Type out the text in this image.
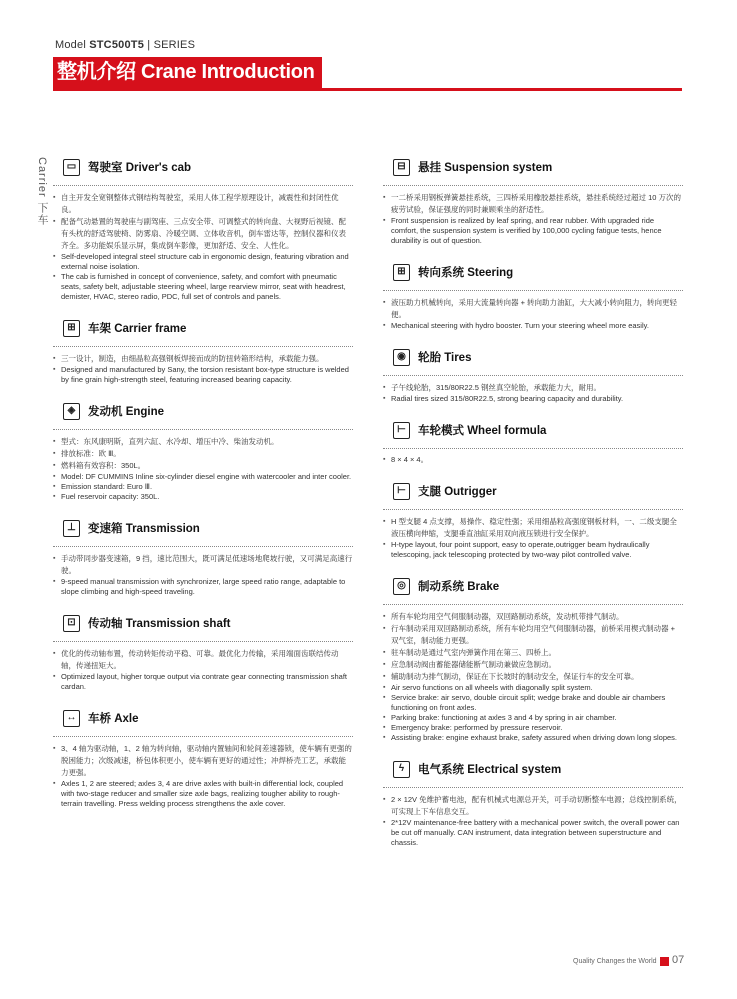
Model STC500T5 | SERIES
整机介绍 Crane Introduction
Carrier 下车	▭	驾驶室 Driver's cab
▪ 自主开发全宽钢整体式钢结构驾驶室，采用人体工程学原理设计，减震性和封闭性优良。
▪ 配备气动悬置的驾驶座与副驾座、三点安全带、可调整式的转向盘、大视野后视镜、配有头枕的舒适驾驶椅、防雾扇、冷暖空调、立体收音机，倒车雷达等，控制仪器和仪表齐全。多功能娱乐显示屏，集成倒车影像，更加舒适、安全、人性化。
▪ Self-developed integral steel structure cab in ergonomic design, featuring vibration and external noise isolation.
▪ The cab is furnished in concept of convenience, safety, and comfort with pneumatic seats, safety belt, adjustable steering wheel, large rearview mirror, seat with headrest, demister, HVAC, stereo radio, PDC, full set of controls and panels.
⊞	车架 Carrier frame
▪ 三一设计，制造，由细晶粒高强钢板焊接而成的防扭转箱形结构，承载能力强。
▪ Designed and manufactured by Sany, the torsion resistant box-type structure is welded by fine grain high-strength steel, featuring increased bearing capacity.
◈	发动机 Engine
▪ 型式：东风康明斯，直列六缸、水冷却、增压中冷、柴油发动机。
▪ 排放标准：欧 Ⅲ。
▪ 燃料箱有效容积：350L。
▪ Model: DF CUMMINS Inline six-cylinder diesel engine with watercooler and inter cooler.
▪ Emission standard: Euro Ⅲ.
▪ Fuel reservoir capacity: 350L.
⊥	变速箱 Transmission
▪ 手动带同步器变速箱，9 挡，速比范围大，既可满足低速场地爬坡行驶，又可满足高速行驶。
▪ 9-speed manual transmission with synchronizer, large speed ratio range, adaptable to slope climbing and high-speed traveling.
⊡	传动轴 Transmission shaft
▪ 优化的传动轴布置，传动转矩传动平稳、可靠。最优化力传输，采用端面齿联结传动轴，传递扭矩大。
▪ Optimized layout, higher torque output via contrate gear connecting transmission shaft cardan.
↔	车桥 Axle
▪ 3、4 轴为驱动轴，1、2 轴为转向轴，驱动轴内置轴间和轮间差速器锁，使车辆有更强的脱困能力；次级减速，桥包体积更小，使车辆有更好的通过性；冲焊桥壳工艺，承载能力更强。
▪ Axles 1, 2 are steered; axles 3, 4 are drive axles with built-in differential lock, coupled with two-stage reducer and smaller size axle bags, realizing tougher ability to rough-terrain travelling. Press welding process strengthens the axle cover.
⊟	悬挂 Suspension system
▪ 一二桥采用钢板弹簧悬挂系统，三四桥采用橡胶悬挂系统，悬挂系统经过超过 10 万次的疲劳试验，保证强度的同时兼顾乘坐的舒适性。
▪ Front suspension is realized by leaf spring, and rear rubber. With upgraded ride comfort, the suspension system is verified by 100,000 cycling fatigue tests, hence durability is out of question.
⊞	转向系统 Steering
▪ 液压助力机械转向，采用大流量转向器 + 转向助力油缸，大大减小转向阻力，转向更轻便。
▪ Mechanical steering with hydro booster. Turn your steering wheel more easily.
◉	轮胎 Tires
▪ 子午线轮胎，315/80R22.5 钢丝真空轮胎，承载能力大，耐用。
▪ Radial tires sized 315/80R22.5, strong bearing capacity and durability.
⊢	车轮模式 Wheel formula
▪ 8 × 4 × 4。
⊢	支腿 Outrigger
▪ H 型支腿 4 点支撑，易操作、稳定性强；采用细晶粒高强度钢板材料，一、二级支腿全液压横向伸缩，支腿垂直油缸采用双向液压锁进行安全保护。
▪ H-type layout, four point support, easy to operate,outrigger beam hydraulically telescoping, jack telescoping protected by two-way pilot controlled valve.
◎	制动系统 Brake
▪ 所有车轮均用空气伺服制动器，双回路制动系统，发动机带排气制动。
▪ 行车制动采用双回路制动系统，所有车轮均用空气伺服制动器，前桥采用楔式制动器 + 双气室，制动能力更强。
▪ 驻车制动是通过气室内弹簧作用在第三、四桥上。
▪ 应急制动阀由蓄能器储能断气制动兼做应急制动。
▪ 辅助制动为排气制动，保证在下长坡时的制动安全，保证行车的安全可靠。
▪ Air servo functions on all wheels with diagonally split system.
▪ Service brake: air servo, double circuit split; wedge brake and double air chambers functioning on front axles.
▪ Parking brake: functioning at axles 3 and 4 by spring in air chamber.
▪ Emergency brake: performed by pressure reservoir.
▪ Assisting brake: engine exhaust brake, safety assured when driving down long slopes.
ϟ	电气系统 Electrical system
▪ 2 × 12V 免维护蓄电池，配有机械式电源总开关，可手动切断整车电源；总线控制系统，可实现上下车信息交互。
▪ 2*12V maintenance-free battery with a mechanical power switch, the overall power can be cut off manually. CAN instrument, data integration between superstructure and chassis.
Quality Changes the World 07
